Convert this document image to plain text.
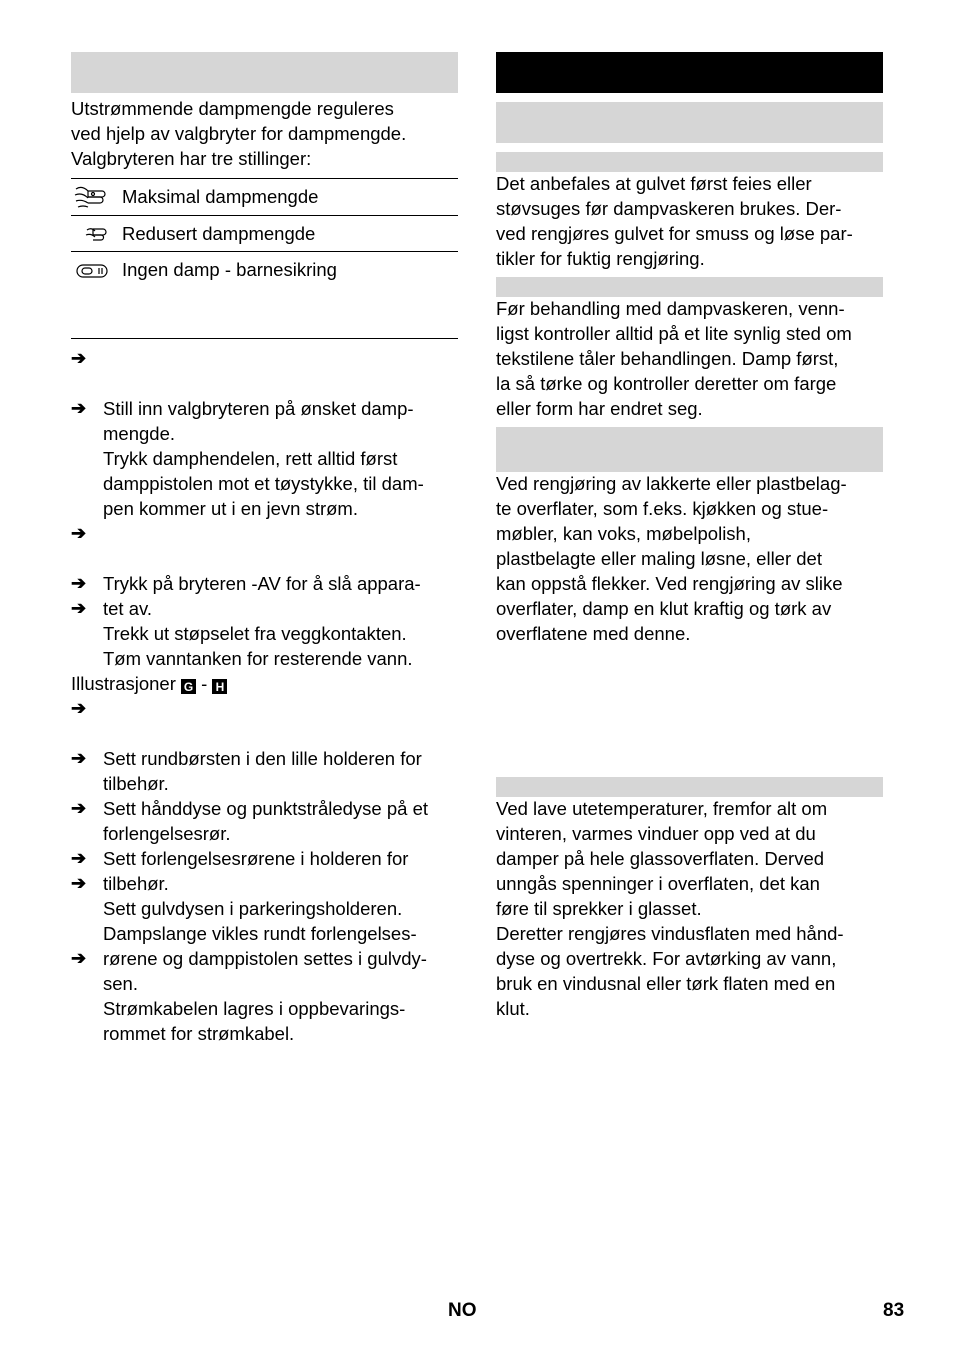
Utstrømmende dampmengde reguleres
ved hjelp av valgbryter for dampmengde.
Valgbryteren har tre stillinger:
Maksimal dampmengde
Redusert dampmengde
Ingen damp - barnesikring

➔

Still inn valgbryteren på ønsket damp-
mengde.

➔

Trykk damphendelen, rett alltid først
damppistolen mot et tøystykke, til dam-
pen kommer ut i en jevn strøm.

➔

Trykk på bryteren -AV for å slå appara-
tet av.

➔

Trekk ut støpselet fra veggkontakten.

➔

Tøm vanntanken for resterende vann.

Illustrasjoner G - H

➔

Sett rundbørsten i den lille holderen for
tilbehør.

➔

Sett hånddyse og punktstråledyse på et
forlengelsesrør.

➔

Sett forlengelsesrørene i holderen for
tilbehør.

➔

Sett gulvdysen i parkeringsholderen.

➔

Dampslange vikles rundt forlengelses-
rørene og damppistolen settes i gulvdy-
sen.

➔

Strømkabelen lagres i oppbevarings-
rommet for strømkabel.

Det anbefales at gulvet først feies eller
støvsuges før dampvaskeren brukes. Der-
ved rengjøres gulvet for smuss og løse par-
tikler for fuktig rengjøring.
Før behandling med dampvaskeren, venn-
ligst kontroller alltid på et lite synlig sted om
tekstilene tåler behandlingen. Damp først,
la så tørke og kontroller deretter om farge
eller form har endret seg.
Ved rengjøring av lakkerte eller plastbelag-
te overflater, som f.eks. kjøkken og stue-
møbler, kan voks, møbelpolish,
plastbelagte eller maling løsne, eller det
kan oppstå flekker. Ved rengjøring av slike
overflater, damp en klut kraftig og tørk av
overflatene med denne.
Ved lave utetemperaturer, fremfor alt om
vinteren, varmes vinduer opp ved at du
damper på hele glassoverflaten. Derved
unngås spenninger i overflaten, det kan
føre til sprekker i glasset.
Deretter rengjøres vindusflaten med hånd-
dyse og overtrekk. For avtørking av vann,
bruk en vindusnal eller tørk flaten med en
klut.
NO	83
